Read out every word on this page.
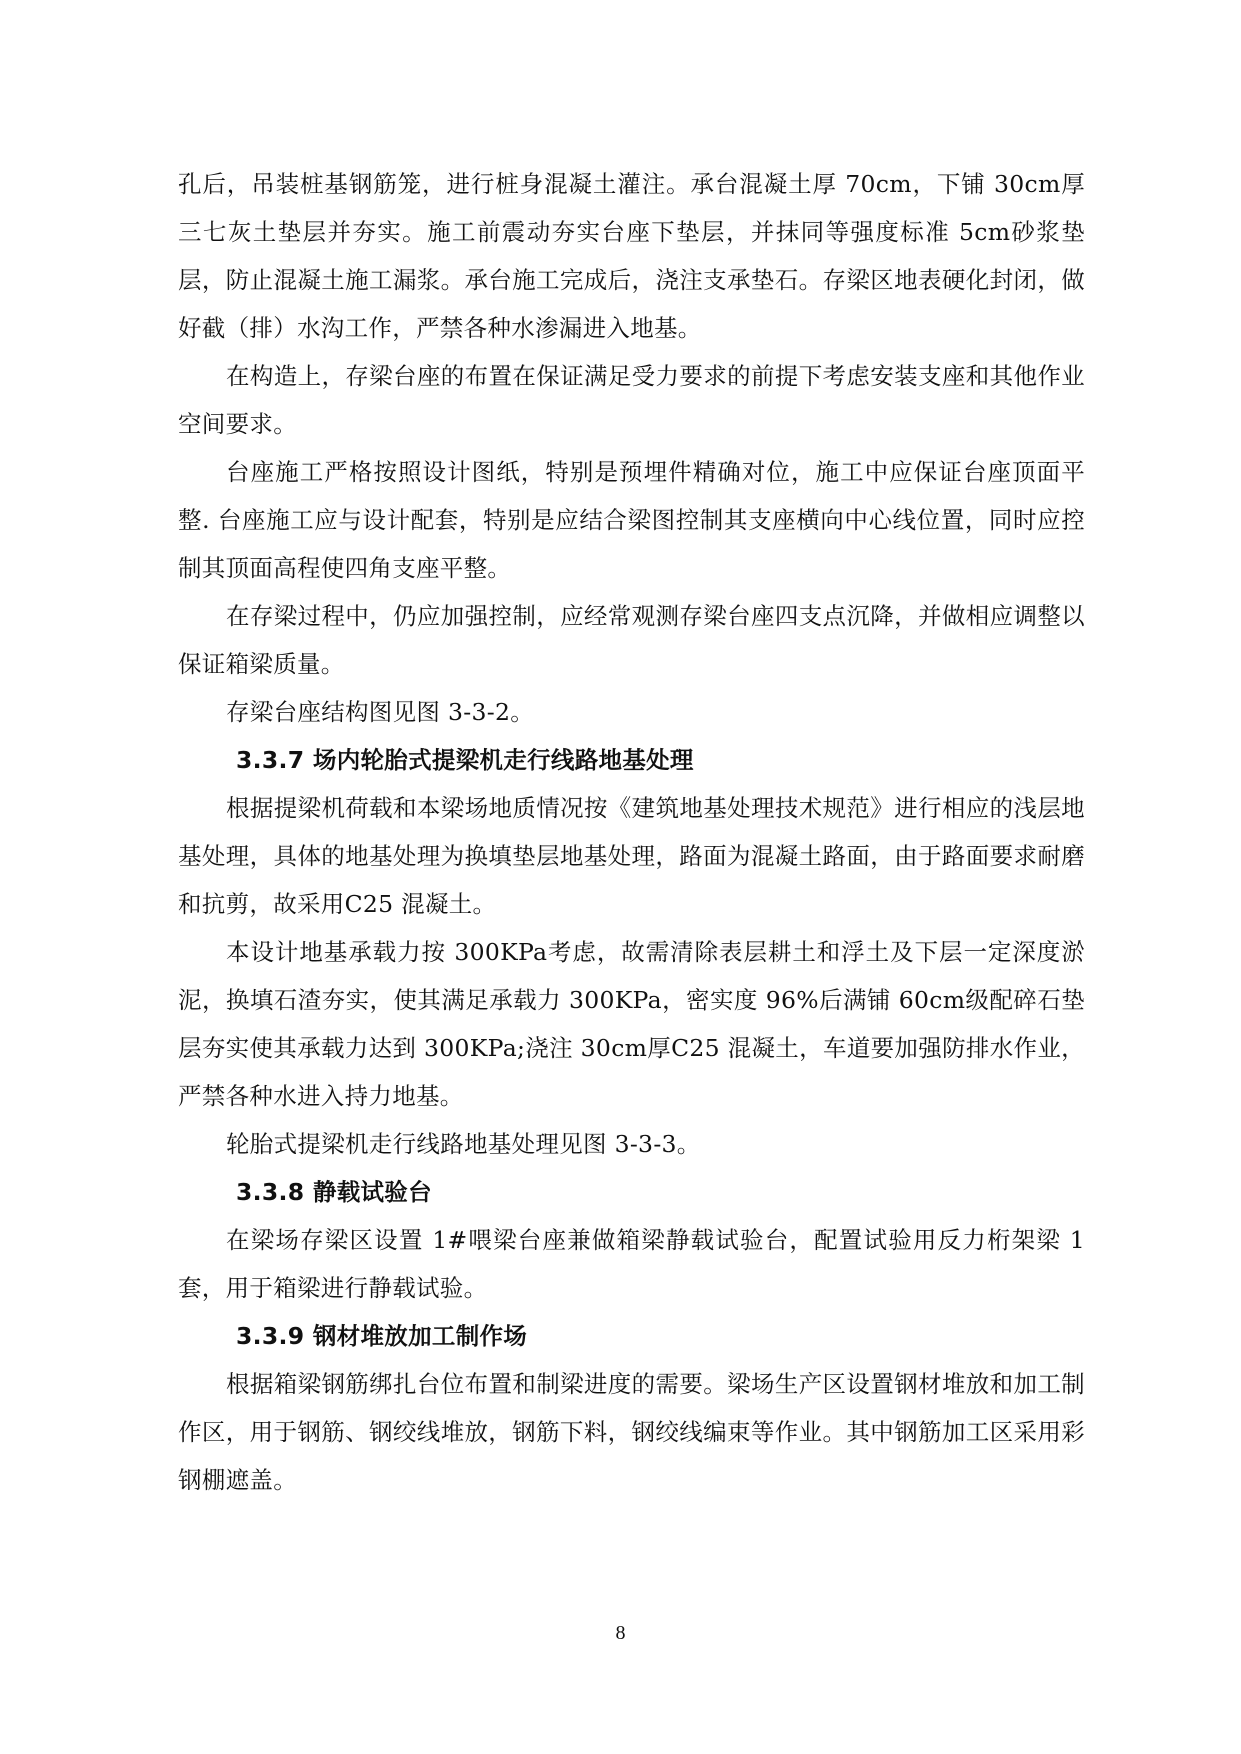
孔后，吊装桩基钢筋笼，进行桩身混凝土灌注。承台混凝土厚 70cm，下铺 30cm厚三七灰土垫层并夯实。施工前震动夯实台座下垫层，并抹同等强度标准 5cm砂浆垫层，防止混凝土施工漏浆。承台施工完成后，浇注支承垫石。存梁区地表硬化封闭，做好截（排）水沟工作，严禁各种水渗漏进入地基。

在构造上，存梁台座的布置在保证满足受力要求的前提下考虑安装支座和其他作业空间要求。

台座施工严格按照设计图纸，特别是预埋件精确对位，施工中应保证台座顶面平整. 台座施工应与设计配套，特别是应结合梁图控制其支座横向中心线位置，同时应控制其顶面高程使四角支座平整。

在存梁过程中，仍应加强控制，应经常观测存梁台座四支点沉降，并做相应调整以保证箱梁质量。

存梁台座结构图见图 3-3-2。

3.3.7 场内轮胎式提梁机走行线路地基处理

根据提梁机荷载和本梁场地质情况按《建筑地基处理技术规范》进行相应的浅层地基处理，具体的地基处理为换填垫层地基处理，路面为混凝土路面，由于路面要求耐磨和抗剪，故采用C25 混凝土。

本设计地基承载力按 300KPa考虑，故需清除表层耕土和浮土及下层一定深度淤泥，换填石渣夯实，使其满足承载力 300KPa，密实度 96%后满铺 60cm级配碎石垫层夯实使其承载力达到 300KPa;浇注 30cm厚C25 混凝土，车道要加强防排水作业，严禁各种水进入持力地基。

轮胎式提梁机走行线路地基处理见图 3-3-3。

3.3.8 静载试验台

在梁场存梁区设置 1#喂梁台座兼做箱梁静载试验台，配置试验用反力桁架梁 1套，用于箱梁进行静载试验。

3.3.9 钢材堆放加工制作场

根据箱梁钢筋绑扎台位布置和制梁进度的需要。梁场生产区设置钢材堆放和加工制作区，用于钢筋、钢绞线堆放，钢筋下料，钢绞线编束等作业。其中钢筋加工区采用彩钢棚遮盖。

8
